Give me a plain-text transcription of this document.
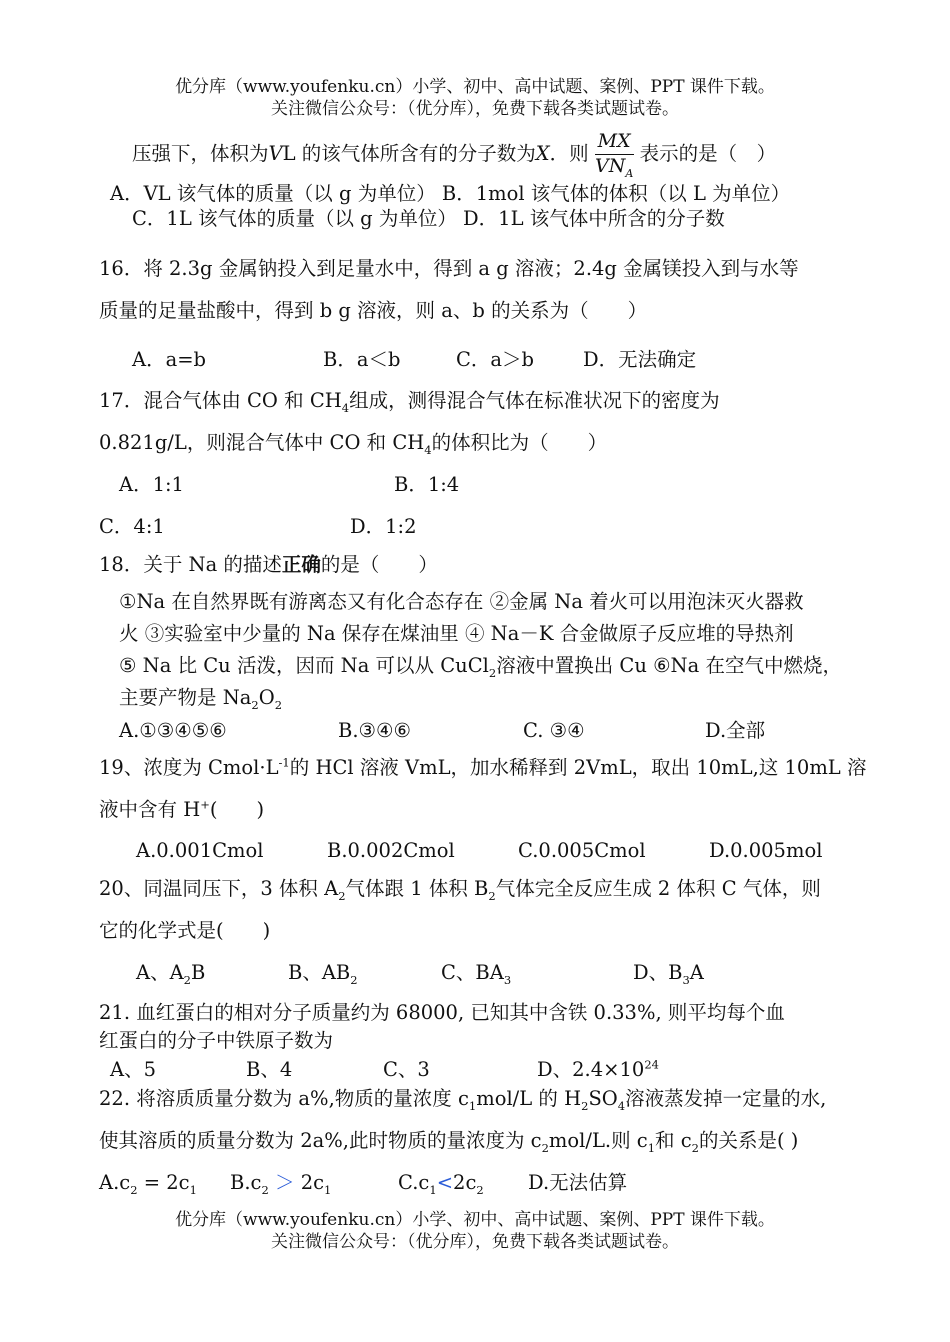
优分库（www.youfenku.cn）小学、初中、高中试题、案例、PPT 课件下载。
关注微信公众号：（优分库），免费下载各类试题试卷。
压强下，体积为VL 的该气体所含有的分子数为X．则 $\frac{MX}{VN_A}$ 表示的是（　）
A．VL 该气体的质量（以 g 为单位） B．1mol 该气体的体积（以 L 为单位）
C．1L 该气体的质量（以 g 为单位） D．1L 该气体中所含的分子数
16．将 2.3g 金属钠投入到足量水中，得到 a g 溶液；2.4g 金属镁投入到与水等
质量的足量盐酸中，得到 b g 溶液，则 a、b 的关系为（　　）
A．a=b	B．a＜b	C．a＞b	D．无法确定
17．混合气体由 CO 和 $CH_4$组成，测得混合气体在标准状况下的密度为
0.821g/L，则混合气体中 CO 和 $CH_4$的体积比为（　　）
A．1:1	B．1:4
C．4:1	D．1:2
18．关于 Na 的描述正确的是（　　）
①Na 在自然界既有游离态又有化合态存在 ②金属 Na 着火可以用泡沫灭火器救
火 ③实验室中少量的 Na 保存在煤油里 ④ Na－K 合金做原子反应堆的导热剂
⑤ Na 比 Cu 活泼，因而 Na 可以从 CuCl$_2$溶液中置换出 Cu ⑥Na 在空气中燃烧，
主要产物是 $Na_2O_2$
A.①③④⑤⑥	B.③④⑥	C. ③④	D.全部
19、浓度为 $Cmol\cdot L^{-1}$的 HCl 溶液 VmL，加水稀释到 2VmL，取出 10mL,这 10mL 溶
液中含有 H+(　　)
A.0.001Cmol	B.0.002Cmol	C.0.005Cmol	D.0.005mol
20、同温同压下，3 体积 $A_2$气体跟 1 体积 $B_2$气体完全反应生成 2 体积 C 气体，则
它的化学式是(　　)
A、$A_2B$	B、$AB_2$	C、$BA_3$	D、$B_3A$
21. 血红蛋白的相对分子质量约为 68000, 已知其中含铁 0.33%, 则平均每个血
红蛋白的分子中铁原子数为
A、5	B、4	C、3	D、$2.4\times 10^{24}$
22. 将溶质质量分数为 a%,物质的量浓度 $c_1mol/L$ 的 $H_2SO_4$溶液蒸发掉一定量的水,
使其溶质的质量分数为 2a%,此时物质的量浓度为 $c_2mol/L$.则 $c_1$和 $c_2$的关系是( )
$A.c_2 = 2c_1$ $B.c_2 > 2c_1$	$C.c_1<2c_2$ D.无法估算
优分库（www.youfenku.cn）小学、初中、高中试题、案例、PPT 课件下载。
关注微信公众号：（优分库），免费下载各类试题试卷。
